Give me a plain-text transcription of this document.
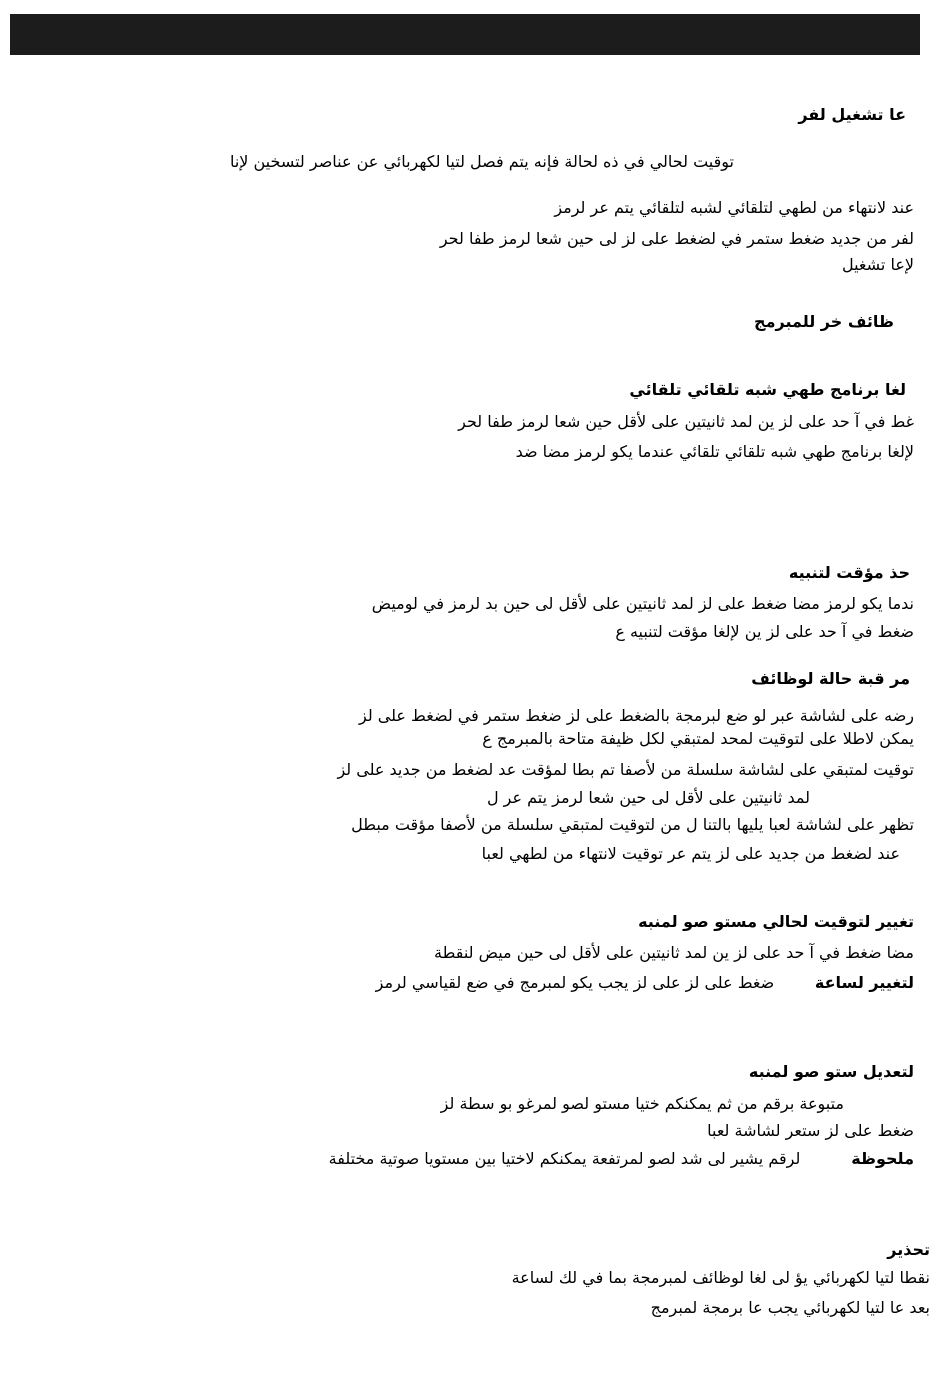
عا تشغيل لفر
توقيت لحالي في ذه لحالة فإنه يتم فصل لتيا لكهربائي عن عناصر لتسخين لإنا
عند لانتهاء من لطهي لتلقائي لشبه لتلقائي يتم عر لرمز
لفر من جديد ضغط ستمر في لضغط على لز لى حين شعا لرمز طفا لحر
لإعا تشغيل
ظائف خر للمبرمج
لغا برنامج طهي شبه تلقائي تلقائي
غط في آ حد على لز ين لمد ثانيتين على لأقل حين شعا لرمز طفا لحر
لإلغا برنامج طهي شبه تلقائي تلقائي عندما يكو لرمز مضا ضد
حذ مؤقت لتنبيه
ندما يكو لرمز مضا ضغط على لز لمد ثانيتين على لأقل لى حين بد لرمز في لوميض
ضغط في آ حد على لز ين لإلغا مؤقت لتنبيه ع
مر قبة حالة لوظائف
رضه على لشاشة عبر لو ضع لبرمجة بالضغط على لز ضغط ستمر في لضغط على لز
يمكن لاطلا على لتوقيت لمحد لمتبقي لكل ظيفة متاحة بالمبرمج ع
توقيت لمتبقي على لشاشة سلسلة من لأصفا تم بطا لمؤقت عد لضغط من جديد على لز
لمد ثانيتين على لأقل لى حين شعا لرمز يتم عر ل
تظهر على لشاشة لعبا يليها بالتنا ل من لتوقيت لمتبقي سلسلة من لأصفا مؤقت مبطل
عند لضغط من جديد على لز يتم عر توقيت لانتهاء من لطهي لعبا
تغيير لتوقيت لحالي مستو صو لمنبه
مضا ضغط في آ حد على لز ين لمد ثانيتين على لأقل لى حين ميض لنقطة
لتغيير لساعة        ضغط على لز على لز يجب يكو لمبرمج في ضع لقياسي لرمز
لتعديل ستو صو لمنبه
متبوعة برقم من ثم يمكنكم ختيا مستو لصو لمرغو بو سطة لز
ضغط على لز ستعر لشاشة لعبا
ملحوظة          لرقم يشير لى شد لصو لمرتفعة يمكنكم لاختيا بين مستويا صوتية مختلفة
تحذير
نقطا لتيا لكهربائي يؤ لى لغا لوظائف لمبرمجة بما في لك لساعة
بعد عا لتيا لكهربائي يجب عا برمجة لمبرمج
